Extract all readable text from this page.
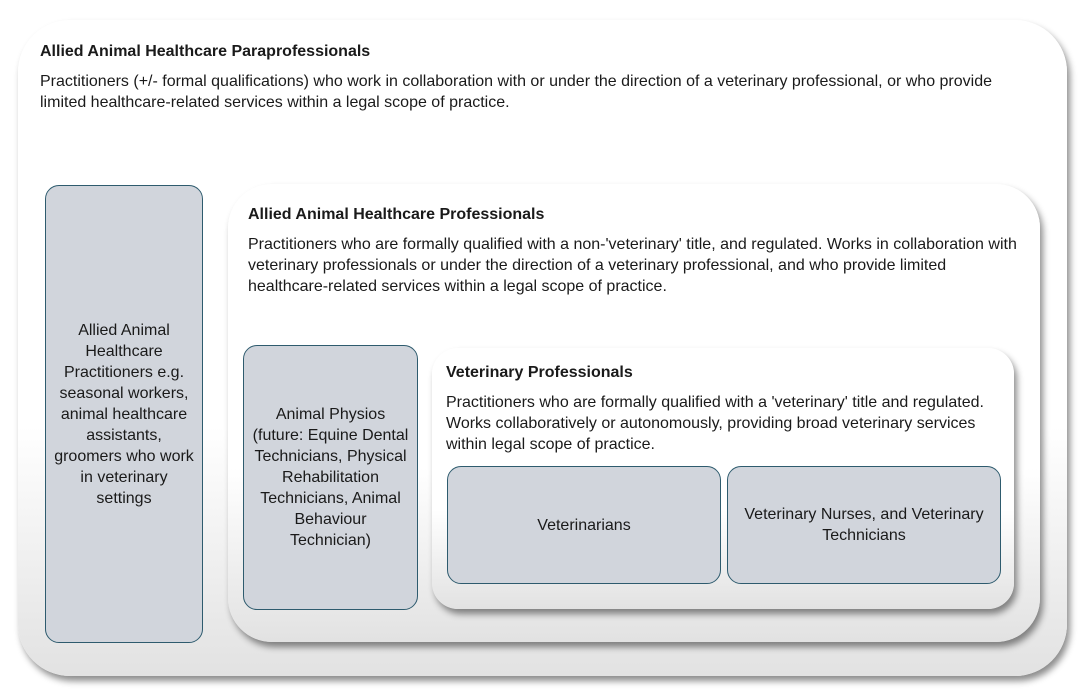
Allied Animal Healthcare Paraprofessionals
Practitioners (+/- formal qualifications) who work in collaboration with or under the direction of a veterinary professional, or who provide limited healthcare-related services within a legal scope of practice.
Allied Animal Healthcare Practitioners e.g. seasonal workers, animal healthcare assistants, groomers who work in veterinary settings
Allied Animal Healthcare Professionals
Practitioners who are formally qualified with a non-'veterinary' title, and regulated. Works in collaboration with veterinary professionals or under the direction of a veterinary professional, and who provide limited healthcare-related services within a legal scope of practice.
Animal Physios (future: Equine Dental Technicians, Physical Rehabilitation Technicians, Animal Behaviour Technician)
Veterinary Professionals
Practitioners who are formally qualified with a 'veterinary' title and regulated. Works collaboratively or autonomously, providing broad veterinary services within legal scope of practice.
Veterinarians
Veterinary Nurses, and Veterinary Technicians
